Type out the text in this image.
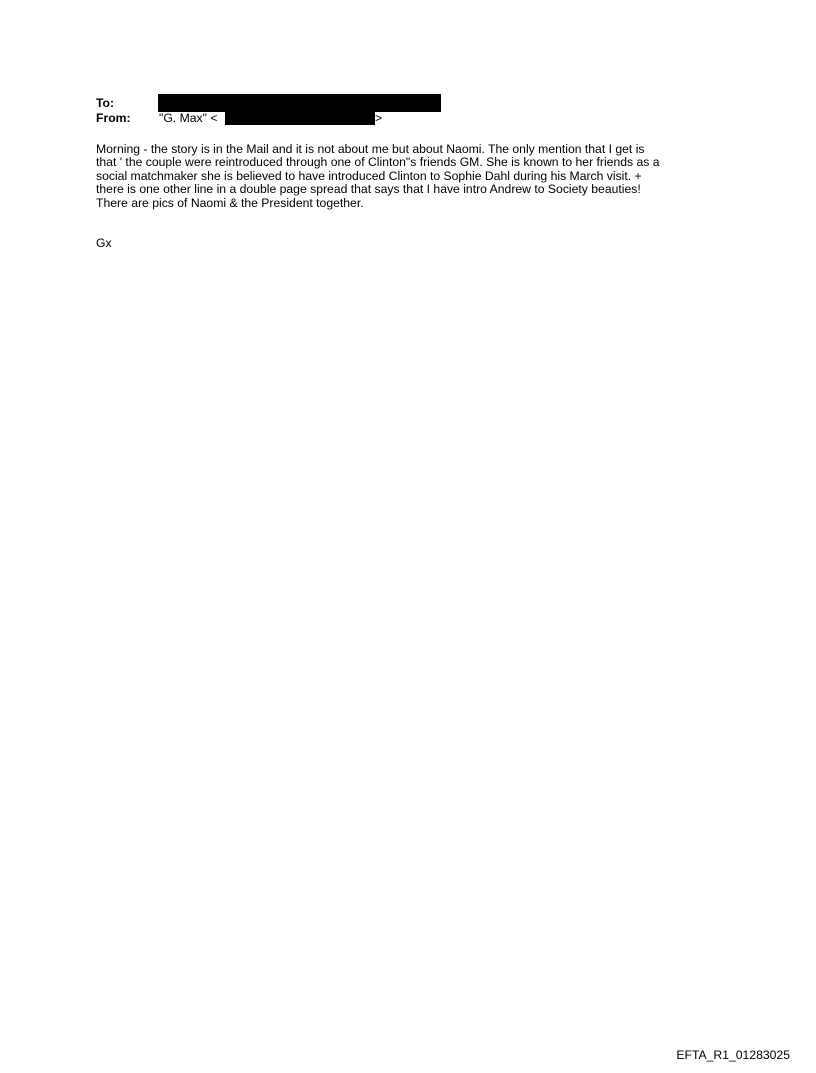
To:
From: "G. Max" <	>
Morning - the story is in the Mail and it is not about me but about Naomi. The only mention that I get is
that ' the couple were reintroduced through one of Clinton"s friends GM. She is known to her friends as a
social matchmaker she is believed to have introduced Clinton to Sophie Dahl during his March visit. +
there is one other line in a double page spread that says that I have intro Andrew to Society beauties!
There are pics of Naomi & the President together.
Gx
EFTA_R1_01283025
